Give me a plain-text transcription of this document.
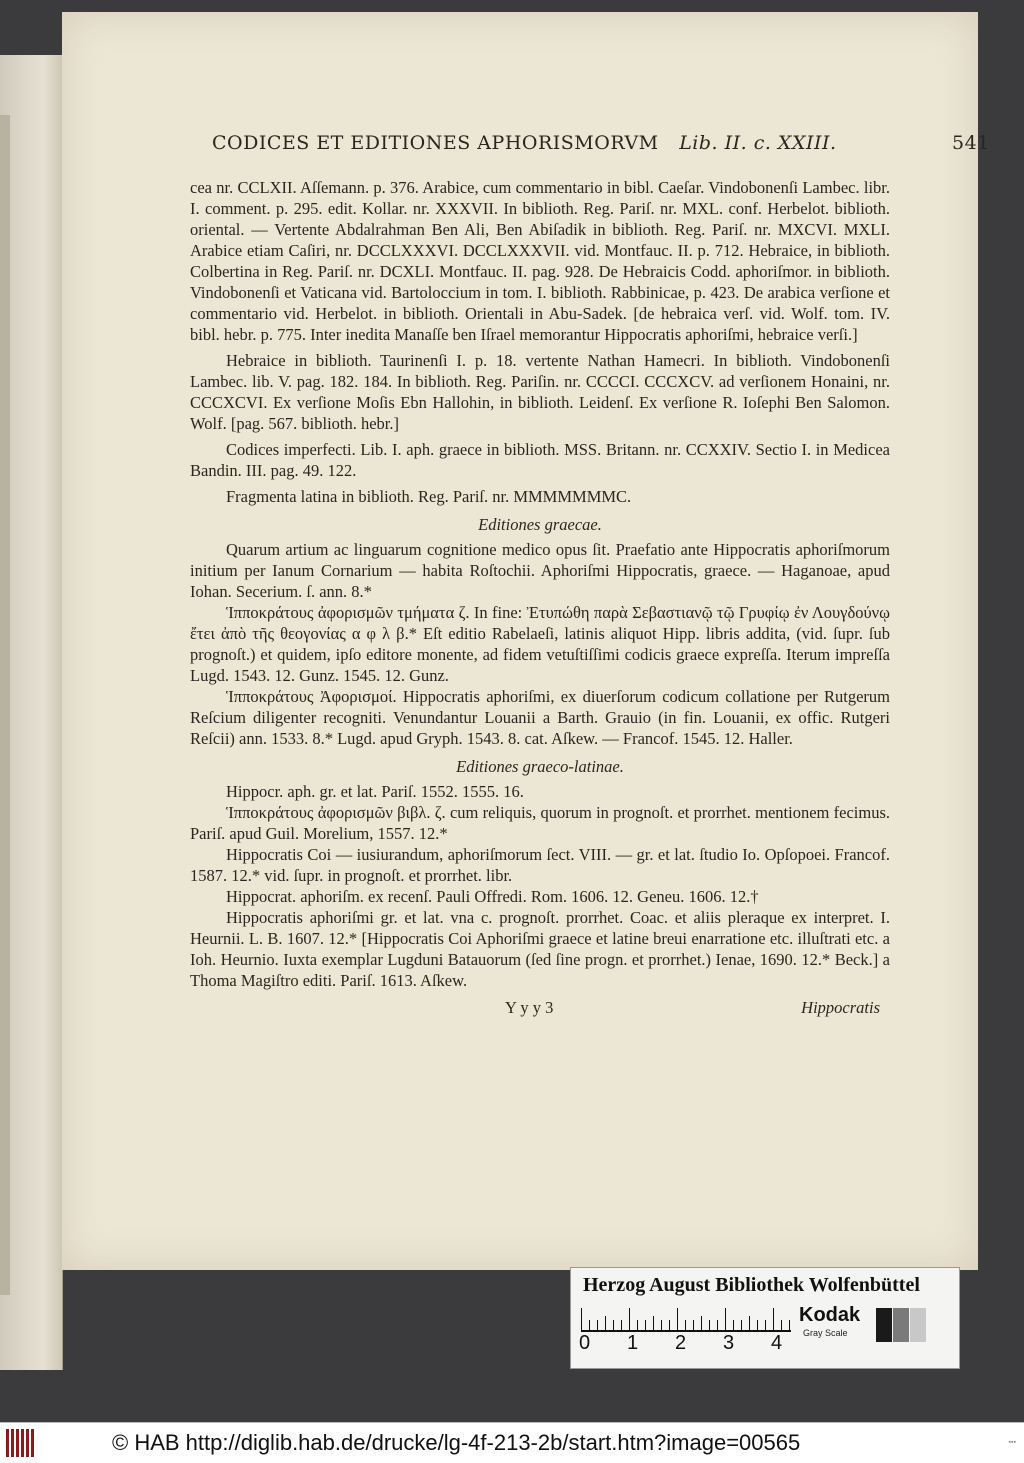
CODICES ET EDITIONES APHORISMORVM Lib. II. c. XXIII.	541

cea nr. CCLXII. Aſſemann. p. 376. Arabice, cum commentario in bibl. Caeſar. Vindobonenſi Lambec. libr. I. comment. p. 295. edit. Kollar. nr. XXXVII. In biblioth. Reg. Pariſ. nr. MXL. conf. Herbelot. biblioth. oriental. — Vertente Abdalrahman Ben Ali, Ben Abiſadik in biblioth. Reg. Pariſ. nr. MXCVI. MXLI. Arabice etiam Caſiri, nr. DCCLXXXVI. DCCLXXXVII. vid. Montfauc. II. p. 712. Hebraice, in biblioth. Colbertina in Reg. Pariſ. nr. DCXLI. Montfauc. II. pag. 928. De Hebraicis Codd. aphoriſmor. in biblioth. Vindobonenſi et Vaticana vid. Bartoloccium in tom. I. biblioth. Rabbinicae, p. 423. De arabica verſione et commentario vid. Herbelot. in biblioth. Orientali in Abu-Sadek. [de hebraica verſ. vid. Wolf. tom. IV. bibl. hebr. p. 775. Inter inedita Manaſſe ben Iſrael memorantur Hippocratis aphoriſmi, hebraice verſi.]

Hebraice in biblioth. Taurinenſi I. p. 18. vertente Nathan Hamecri. In biblioth. Vindobonenſi Lambec. lib. V. pag. 182. 184. In biblioth. Reg. Pariſin. nr. CCCCI. CCCXCV. ad verſionem Honaini, nr. CCCXCVI. Ex verſione Moſis Ebn Hallohin, in biblioth. Leidenſ. Ex verſione R. Ioſephi Ben Salomon. Wolf. [pag. 567. biblioth. hebr.]

Codices imperfecti. Lib. I. aph. graece in biblioth. MSS. Britann. nr. CCXXIV. Sectio I. in Medicea Bandin. III. pag. 49. 122.

Fragmenta latina in biblioth. Reg. Pariſ. nr. MMMMMMMC.

Editiones graecae.

Quarum artium ac linguarum cognitione medico opus ſit. Praefatio ante Hippocratis aphoriſmorum initium per Ianum Cornarium — habita Roſtochii. Aphoriſmi Hippocratis, graece. — Haganoae, apud Iohan. Secerium. ſ. ann. 8.*

Ἱπποκράτους ἀφορισμῶν τμήματα ζ. In fine: Ἐτυπώθη παρὰ Σεβαστιανῷ τῷ Γρυφίῳ ἐν Λουγδούνῳ ἔτει ἀπὸ τῆς θεογονίας α φ λ β.* Eſt editio Rabelaeſi, latinis aliquot Hipp. libris addita, (vid. ſupr. ſub prognoſt.) et quidem, ipſo editore monente, ad fidem vetuſtiſſimi codicis graece expreſſa. Iterum impreſſa Lugd. 1543. 12. Gunz. 1545. 12. Gunz.

Ἱπποκράτους Ἀφορισμοί. Hippocratis aphoriſmi, ex diuerſorum codicum collatione per Rutgerum Reſcium diligenter recogniti. Venundantur Louanii a Barth. Grauio (in fin. Louanii, ex offic. Rutgeri Reſcii) ann. 1533. 8.* Lugd. apud Gryph. 1543. 8. cat. Aſkew. — Francof. 1545. 12. Haller.

Editiones graeco-latinae.

Hippocr. aph. gr. et lat. Pariſ. 1552. 1555. 16.

Ἱπποκράτους ἀφορισμῶν βιβλ. ζ. cum reliquis, quorum in prognoſt. et prorrhet. mentionem fecimus. Pariſ. apud Guil. Morelium, 1557. 12.*

Hippocratis Coi — iusiurandum, aphoriſmorum ſect. VIII. — gr. et lat. ſtudio Io. Opſopoei. Francof. 1587. 12.* vid. ſupr. in prognoſt. et prorrhet. libr.

Hippocrat. aphoriſm. ex recenſ. Pauli Offredi. Rom. 1606. 12. Geneu. 1606. 12.†

Hippocratis aphoriſmi gr. et lat. vna c. prognoſt. prorrhet. Coac. et aliis pleraque ex interpret. I. Heurnii. L. B. 1607. 12.* [Hippocratis Coi Aphoriſmi graece et latine breui enarratione etc. illuſtrati etc. a Ioh. Heurnio. Iuxta exemplar Lugduni Batauorum (ſed ſine progn. et prorrhet.) Ienae, 1690. 12.* Beck.] a Thoma Magiſtro editi. Pariſ. 1613. Aſkew.

Y y y 3	Hippocratis
Herzog August Bibliothek Wolfenbüttel
0 1 2 3 4
Kodak
Gray Scale
© HAB http://diglib.hab.de/drucke/lg-4f-213-2b/start.htm?image=00565	▪▪▪
